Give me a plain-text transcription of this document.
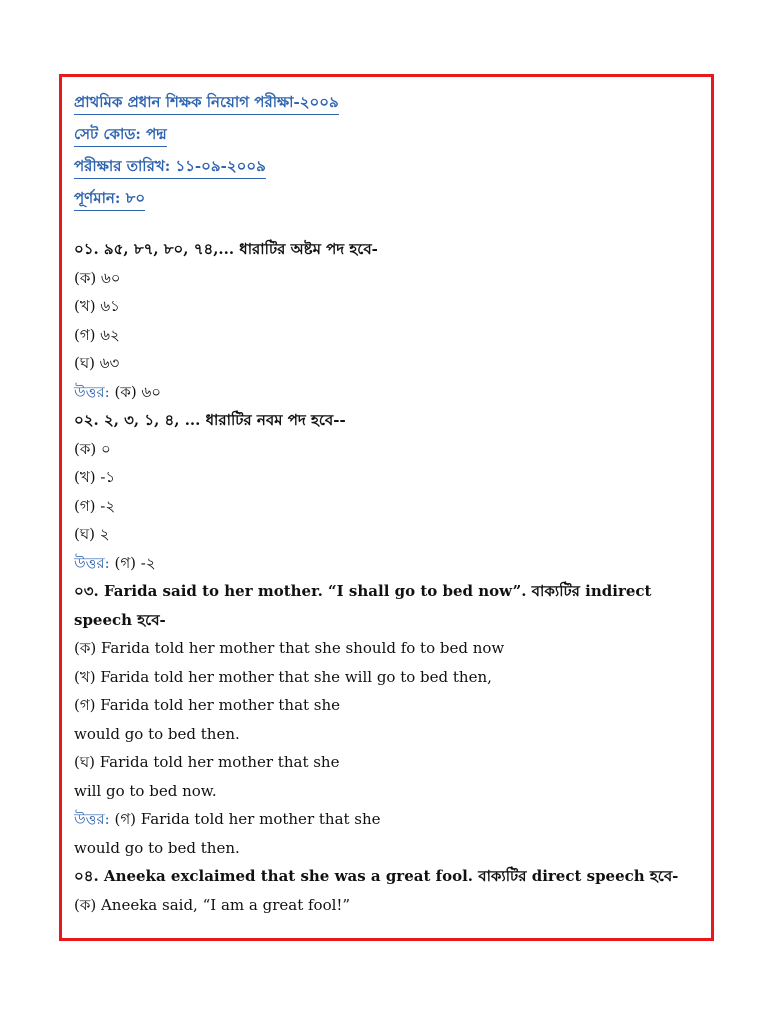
প্রাথমিক প্রধান শিক্ষক নিয়োগ পরীক্ষা-২০০৯
সেট কোড: পদ্ম
পরীক্ষার তারিখ: ১১-০৯-২০০৯
পূর্ণমান: ৮০
০১. ৯৫, ৮৭, ৮০, ৭৪,... ধারাটির অষ্টম পদ হবে-
(ক) ৬০
(খ) ৬১
(গ) ৬২
(ঘ) ৬৩
উত্তর: (ক) ৬০
০২. ২, ৩, ১, ৪, ... ধারাটির নবম পদ হবে--
(ক) ০
(খ) -১
(গ) -২
(ঘ) ২
উত্তর: (গ) -২
০৩. Farida said to her mother. “I shall go to bed now”. বাক্যটির indirect speech হবে-
(ক) Farida told her mother that she should fo to bed now
(খ) Farida told her mother that she will go to bed then,
(গ) Farida told her mother that she
would go to bed then.
(ঘ) Farida told her mother that she
will go to bed now.
উত্তর: (গ) Farida told her mother that she
would go to bed then.
০৪. Aneeka exclaimed that she was a great fool. বাক্যটির direct speech হবে-
(ক) Aneeka said, “I am a great fool!”
